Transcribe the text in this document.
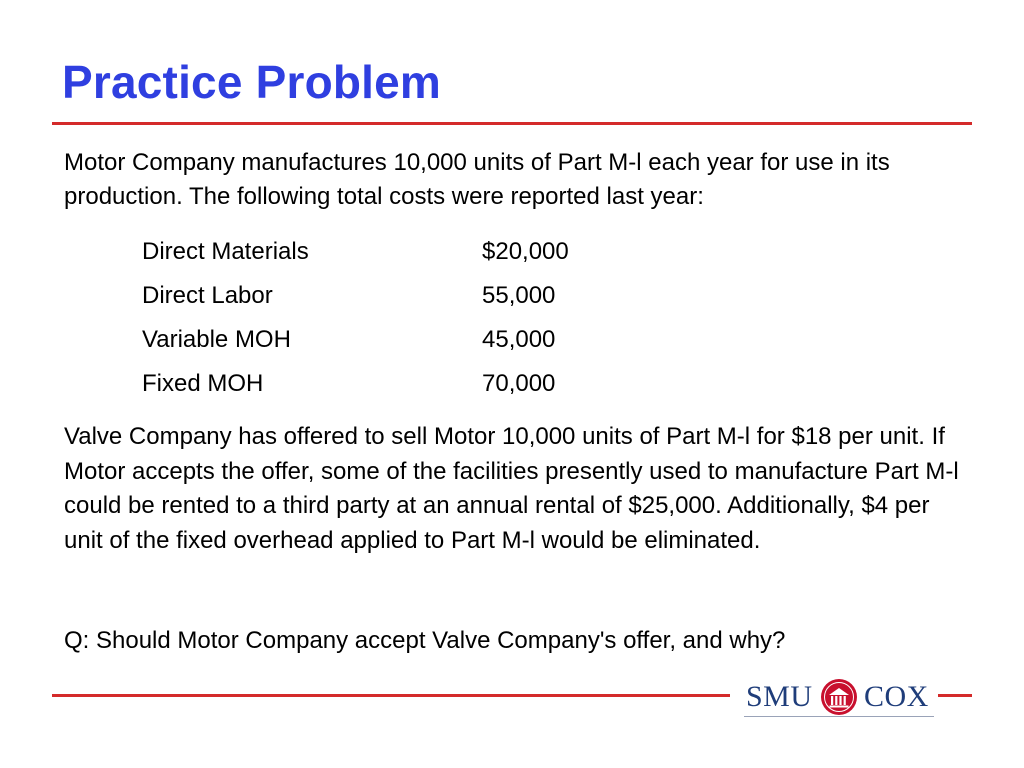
Practice Problem

Motor Company manufactures 10,000 units of Part M-l each year for use in its production. The following total costs were reported last year:

Direct Materials	$20,000
Direct Labor	55,000
Variable MOH	45,000
Fixed MOH	70,000

Valve Company has offered to sell Motor 10,000 units of Part M-l for $18 per unit. If Motor accepts the offer, some of the facilities presently used to manufacture Part M-l could be rented to a third party at an annual rental of $25,000. Additionally, $4 per unit of the fixed overhead applied to Part M-l would be eliminated.

Q: Should Motor Company accept Valve Company's offer, and why?

SMU COX
